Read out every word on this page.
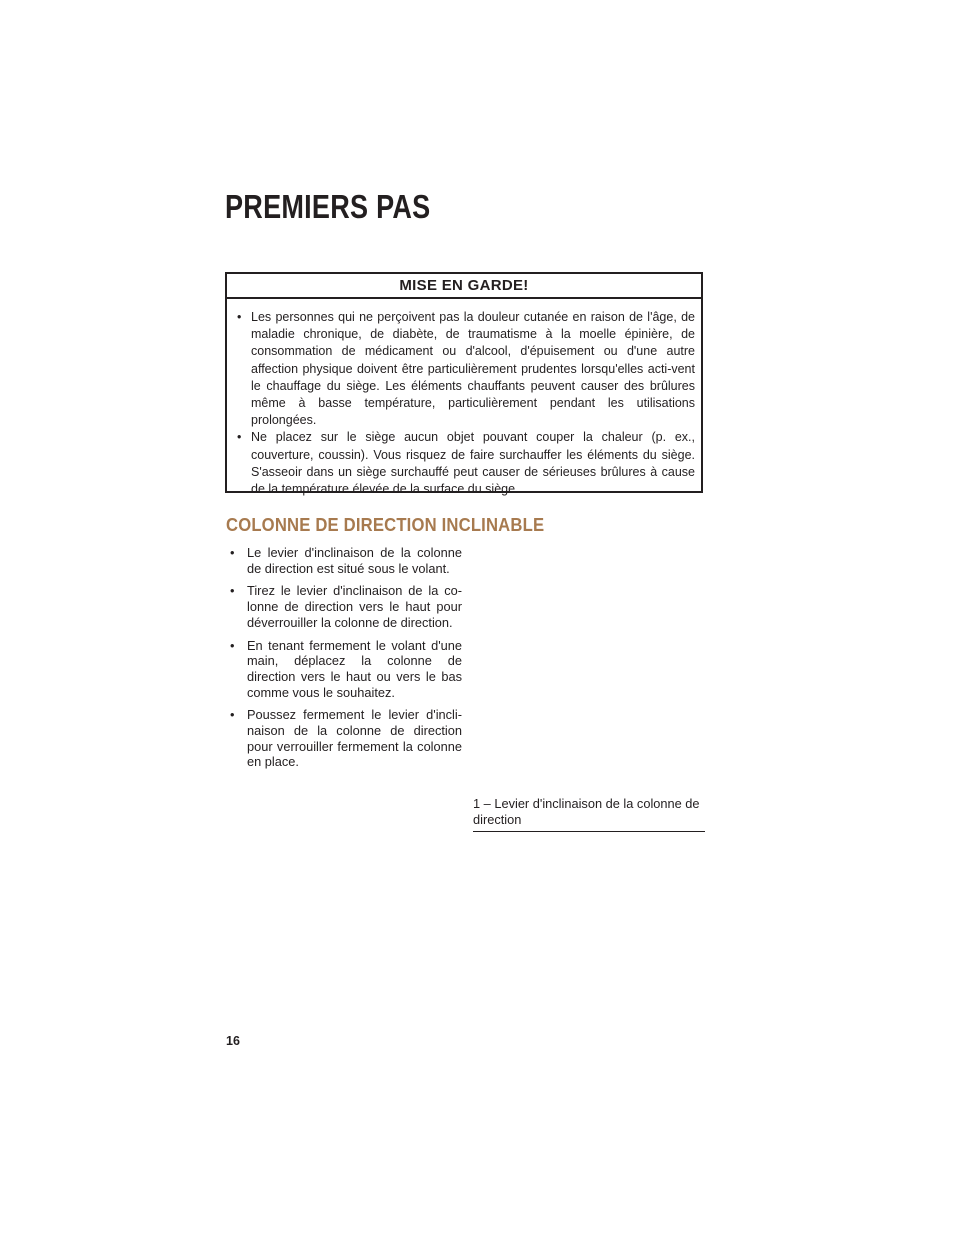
PREMIERS PAS
MISE EN GARDE!
• Les personnes qui ne perçoivent pas la douleur cutanée en raison de l'âge, de maladie chronique, de diabète, de traumatisme à la moelle épinière, de consommation de médicament ou d'alcool, d'épuisement ou d'une autre affection physique doivent être particulièrement prudentes lorsqu'elles acti-vent le chauffage du siège. Les éléments chauffants peuvent causer des brûlures même à basse température, particulièrement pendant les utilisations prolongées.
• Ne placez sur le siège aucun objet pouvant couper la chaleur (p. ex., couverture, coussin). Vous risquez de faire surchauffer les éléments du siège. S'asseoir dans un siège surchauffé peut causer de sérieuses brûlures à cause de la température élevée de la surface du siège.
COLONNE DE DIRECTION INCLINABLE
• Le levier d'inclinaison de la colonne de direction est situé sous le volant.
• Tirez le levier d'inclinaison de la co-lonne de direction vers le haut pour déverrouiller la colonne de direction.
• En tenant fermement le volant d'une main, déplacez la colonne de direction vers le haut ou vers le bas comme vous le souhaitez.
• Poussez fermement le levier d'incli-naison de la colonne de direction pour verrouiller fermement la colonne en place.
1 – Levier d'inclinaison de la colonne de direction
16
